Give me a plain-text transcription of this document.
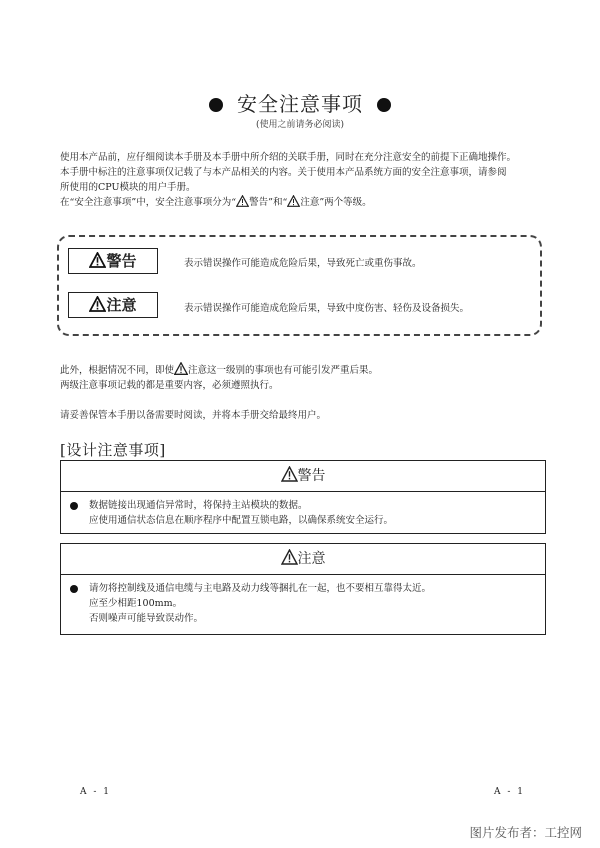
安全注意事项
(使用之前请务必阅读)

使用本产品前，应仔细阅读本手册及本手册中所介绍的关联手册，同时在充分注意安全的前提下正确地操作。

本手册中标注的注意事项仅记载了与本产品相关的内容。关于使用本产品系统方面的安全注意事项，请参阅

所使用的CPU模块的用户手册。

在“安全注意事项”中，安全注意事项分为“ 警告”和“ 注意”两个等级。

警告	表示错误操作可能造成危险后果，导致死亡或重伤事故。
注意	表示错误操作可能造成危险后果，导致中度伤害、轻伤及设备损失。

此外，根据情况不同，即使 注意这一级别的事项也有可能引发严重后果。

两级注意事项记载的都是重要内容，必须遵照执行。

请妥善保管本手册以备需要时阅读，并将本手册交给最终用户。
[设计注意事项]
警告

数据链接出现通信异常时，将保持主站模块的数据。

应使用通信状态信息在顺序程序中配置互锁电路，以确保系统安全运行。

注意

请勿将控制线及通信电缆与主电路及动力线等捆扎在一起，也不要相互靠得太近。

应至少相距100mm。

否则噪声可能导致误动作。

A - 1	A - 1
图片发布者：工控网
